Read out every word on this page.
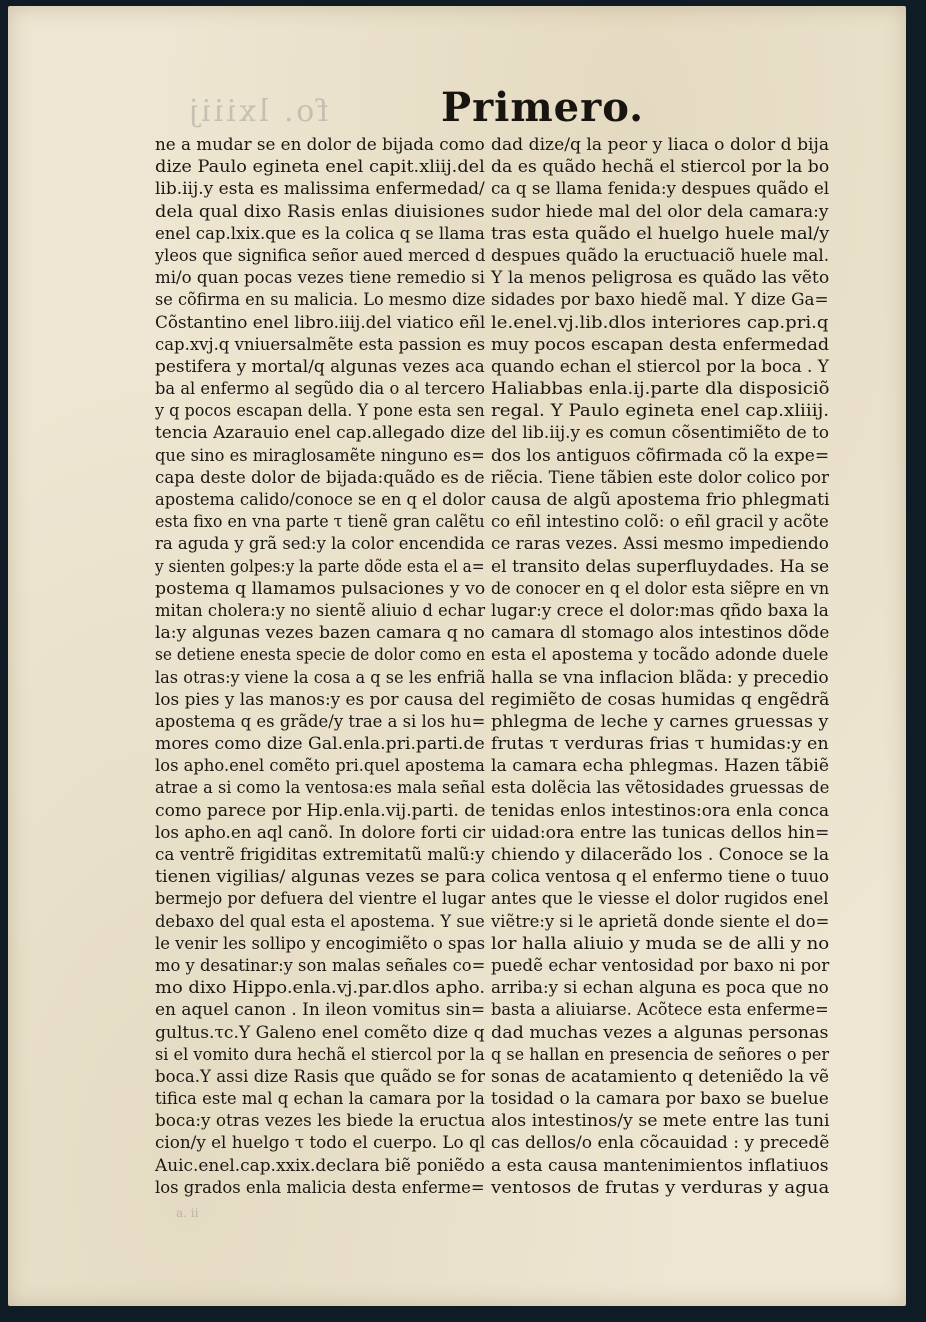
fo. lxiiij	Primero.
ne a mudar se en dolor de bijada como
dize Paulo egineta enel capit.xliij.del
lib.iij.y esta es malissima enfermedad/
dela qual dixo Rasis enlas diuisiones
enel cap.lxix.que es la colica q se llama
yleos que significa señor aued merced d
mi/o quan pocas vezes tiene remedio si
se cõfirma en su malicia. Lo mesmo dize
Cõstantino enel libro.iiij.del viatico eñl
cap.xvj.q vniuersalmẽte esta passion es
pestifera y mortal/q algunas vezes aca
ba al enfermo al segũdo dia o al tercero
y q pocos escapan della. Y pone esta sen
tencia Azarauio enel cap.allegado dize
que sino es miraglosamẽte ninguno es=
capa deste dolor de bijada:quãdo es de
apostema calido/conoce se en q el dolor
esta fixo en vna parte τ tienẽ gran calẽtu
ra aguda y grã sed:y la color encendida
y sienten golpes:y la parte dõde esta el a=
postema q llamamos pulsaciones y vo
mitan cholera:y no sientẽ aliuio d echar
la:y algunas vezes bazen camara q no
se detiene enesta specie de dolor como en
las otras:y viene la cosa a q se les enfriã
los pies y las manos:y es por causa del
apostema q es grãde/y trae a si los hu=
mores como dize Gal.enla.pri.parti.de
los apho.enel comẽto pri.quel apostema
atrae a si como la ventosa:es mala señal
como parece por Hip.enla.vij.parti. de
los apho.en aql canõ. In dolore forti cir
ca ventrẽ frigiditas extremitatũ malũ:y
tienen vigilias/ algunas vezes se para
bermejo por defuera del vientre el lugar
debaxo del qual esta el apostema. Y sue
le venir les sollipo y encogimiẽto o spas
mo y desatinar:y son malas señales co=
mo dixo Hippo.enla.vj.par.dlos apho.
en aquel canon . In ileon vomitus sin=
gultus.τc.Y Galeno enel comẽto dize q
si el vomito dura hechã el stiercol por la
boca.Y assi dize Rasis que quãdo se for
tifica este mal q echan la camara por la
boca:y otras vezes les biede la eructua
cion/y el huelgo τ todo el cuerpo. Lo ql
Auic.enel.cap.xxix.declara biẽ poniẽdo
los grados enla malicia desta enferme=
dad dize/q la peor y liaca o dolor d bija
da es quãdo hechã el stiercol por la bo
ca q se llama fenida:y despues quãdo el
sudor hiede mal del olor dela camara:y
tras esta quãdo el huelgo huele mal/y
despues quãdo la eructuaciõ huele mal.
Y la menos peligrosa es quãdo las vẽto
sidades por baxo hiedẽ mal. Y dize Ga=
le.enel.vj.lib.dlos interiores cap.pri.q
muy pocos escapan desta enfermedad
quando echan el stiercol por la boca . Y
Haliabbas enla.ij.parte dla disposiciõ
regal. Y Paulo egineta enel cap.xliiij.
del lib.iij.y es comun cõsentimiẽto de to
dos los antiguos cõfirmada cõ la expe=
riẽcia. Tiene tãbien este dolor colico por
causa de algũ apostema frio phlegmati
co eñl intestino colõ: o eñl gracil y acõte
ce raras vezes. Assi mesmo impediendo
el transito delas superfluydades. Ha se
de conocer en q el dolor esta siẽpre en vn
lugar:y crece el dolor:mas qñdo baxa la
camara dl stomago alos intestinos dõde
esta el apostema y tocãdo adonde duele
halla se vna inflacion blãda: y precedio
regimiẽto de cosas humidas q engẽdrã
phlegma de leche y carnes gruessas y
frutas τ verduras frias τ humidas:y en
la camara echa phlegmas. Hazen tãbiẽ
esta dolẽcia las vẽtosidades gruessas de
tenidas enlos intestinos:ora enla conca
uidad:ora entre las tunicas dellos hin=
chiendo y dilacerãdo los . Conoce se la
colica ventosa q el enfermo tiene o tuuo
antes que le viesse el dolor rugidos enel
viẽtre:y si le aprietã donde siente el do=
lor halla aliuio y muda se de alli y no
puedẽ echar ventosidad por baxo ni por
arriba:y si echan alguna es poca que no
basta a aliuiarse. Acõtece esta enferme=
dad muchas vezes a algunas personas
q se hallan en presencia de señores o per
sonas de acatamiento q deteniẽdo la vẽ
tosidad o la camara por baxo se buelue
alos intestinos/y se mete entre las tuni
cas dellos/o enla cõcauidad : y precedẽ
a esta causa mantenimientos inflatiuos
ventosos de frutas y verduras y agua
a. ii
